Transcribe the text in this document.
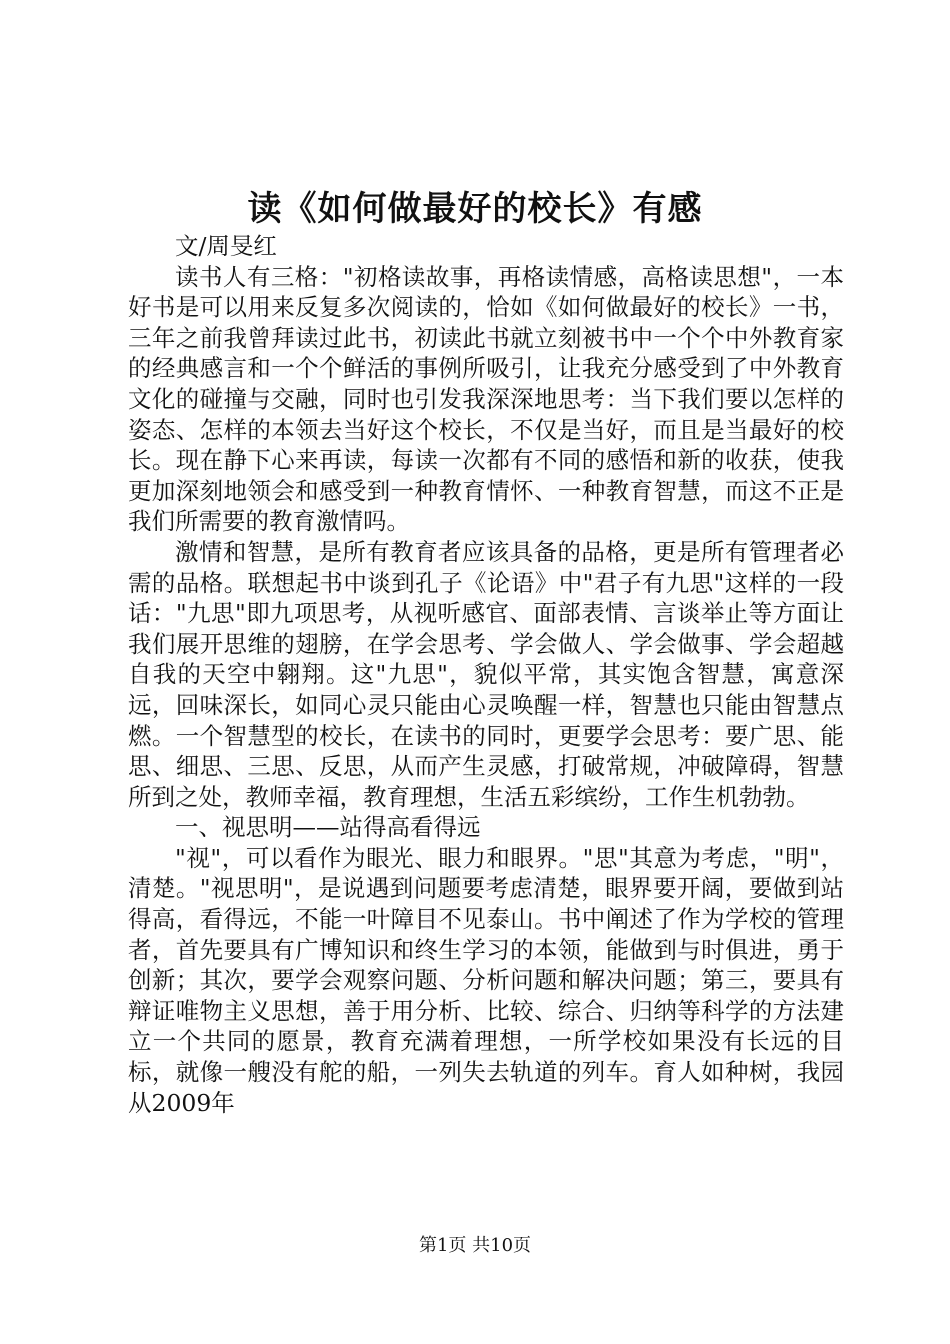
读《如何做最好的校长》有感
文/周旻红

读书人有三格："初格读故事，再格读情感，高格读思想"，一本好书是可以用来反复多次阅读的，恰如《如何做最好的校长》一书，三年之前我曾拜读过此书，初读此书就立刻被书中一个个中外教育家的经典感言和一个个鲜活的事例所吸引，让我充分感受到了中外教育文化的碰撞与交融，同时也引发我深深地思考：当下我们要以怎样的姿态、怎样的本领去当好这个校长，不仅是当好，而且是当最好的校长。现在静下心来再读，每读一次都有不同的感悟和新的收获，使我更加深刻地领会和感受到一种教育情怀、一种教育智慧，而这不正是我们所需要的教育激情吗。

激情和智慧，是所有教育者应该具备的品格，更是所有管理者必需的品格。联想起书中谈到孔子《论语》中"君子有九思"这样的一段话："九思"即九项思考，从视听感官、面部表情、言谈举止等方面让我们展开思维的翅膀，在学会思考、学会做人、学会做事、学会超越自我的天空中翱翔。这"九思"，貌似平常，其实饱含智慧，寓意深远，回味深长，如同心灵只能由心灵唤醒一样，智慧也只能由智慧点燃。一个智慧型的校长，在读书的同时，更要学会思考：要广思、能思、细思、三思、反思，从而产生灵感，打破常规，冲破障碍，智慧所到之处，教师幸福，教育理想，生活五彩缤纷，工作生机勃勃。

一、视思明——站得高看得远

"视"，可以看作为眼光、眼力和眼界。"思"其意为考虑，"明"，清楚。"视思明"，是说遇到问题要考虑清楚，眼界要开阔，要做到站得高，看得远，不能一叶障目不见泰山。书中阐述了作为学校的管理者，首先要具有广博知识和终生学习的本领，能做到与时俱进，勇于创新；其次，要学会观察问题、分析问题和解决问题；第三，要具有辩证唯物主义思想，善于用分析、比较、综合、归纳等科学的方法建立一个共同的愿景，教育充满着理想，一所学校如果没有长远的目标，就像一艘没有舵的船，一列失去轨道的列车。育人如种树，我园从2009年

第1页 共10页
